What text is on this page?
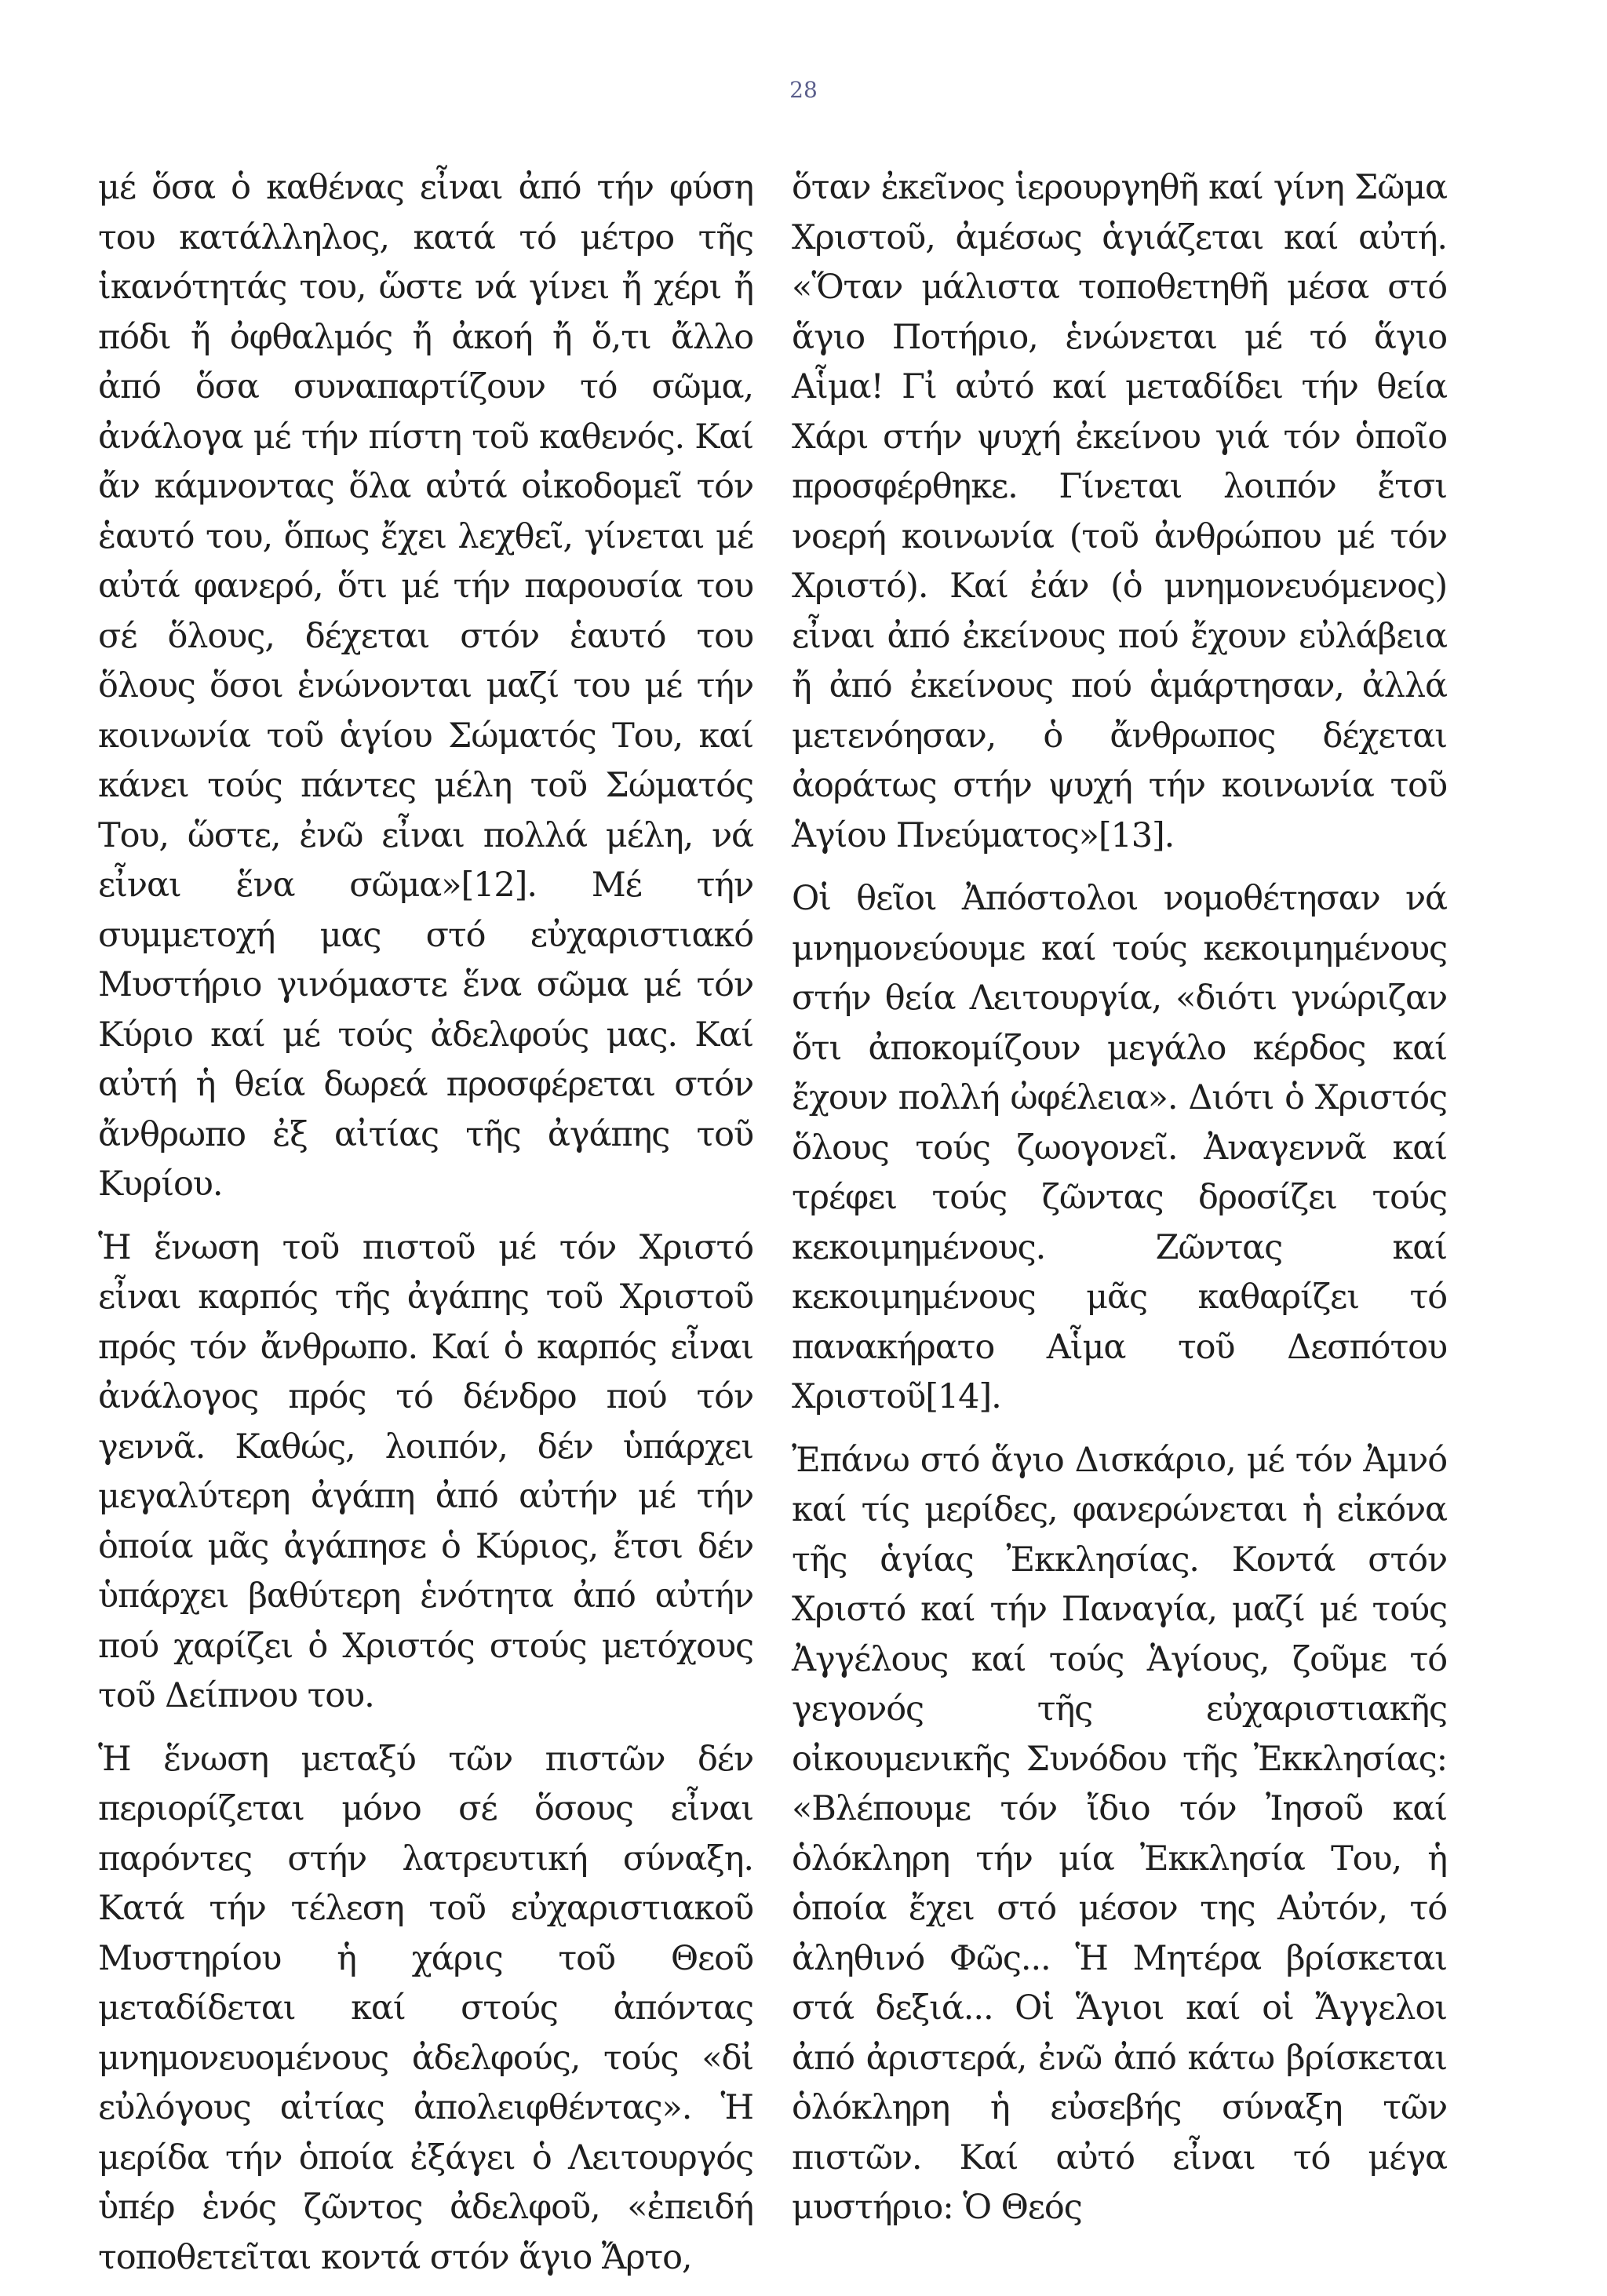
28

μέ ὅσα ὁ καθένας εἶναι ἀπό τήν φύση του κατάλληλος, κατά τό μέτρο τῆς ἱκανότητάς του, ὥστε νά γίνει ἤ χέρι ἤ πόδι ἤ ὀφθαλμός ἤ ἀκοή ἤ ὅ,τι ἄλλο ἀπό ὅσα συναπαρτίζουν τό σῶμα, ἀνάλογα μέ τήν πίστη τοῦ καθενός. Καί ἄν κάμνοντας ὅλα αὐτά οἰκοδομεῖ τόν ἑαυτό του, ὅπως ἔχει λεχθεῖ, γίνεται μέ αὐτά φανερό, ὅτι μέ τήν παρουσία του σέ ὅλους, δέχεται στόν ἑαυτό του ὅλους ὅσοι ἑνώνονται μαζί του μέ τήν κοινωνία τοῦ ἁγίου Σώματός Του, καί κάνει τούς πάντες μέλη τοῦ Σώματός Του, ὥστε, ἐνῶ εἶναι πολλά μέλη, νά εἶναι ἕνα σῶμα»[12]. Μέ τήν συμμετοχή μας στό εὐχαριστιακό Μυστήριο γινόμαστε ἕνα σῶμα μέ τόν Κύριο καί μέ τούς ἀδελφούς μας. Καί αὐτή ἡ θεία δωρεά προσφέρεται στόν ἄνθρωπο ἐξ αἰτίας τῆς ἀγάπης τοῦ Κυρίου.

Ἡ ἕνωση τοῦ πιστοῦ μέ τόν Χριστό εἶναι καρπός τῆς ἀγάπης τοῦ Χριστοῦ πρός τόν ἄνθρωπο. Καί ὁ καρπός εἶναι ἀνάλογος πρός τό δένδρο πού τόν γεννᾶ. Καθώς, λοιπόν, δέν ὑπάρχει μεγαλύτερη ἀγάπη ἀπό αὐτήν μέ τήν ὁποία μᾶς ἀγάπησε ὁ Κύριος, ἔτσι δέν ὑπάρχει βαθύτερη ἑνότητα ἀπό αὐτήν πού χαρίζει ὁ Χριστός στούς μετόχους τοῦ Δείπνου του.

Ἡ ἕνωση μεταξύ τῶν πιστῶν δέν περιορίζεται μόνο σέ ὅσους εἶναι παρόντες στήν λατρευτική σύναξη. Κατά τήν τέλεση τοῦ εὐχαριστιακοῦ Μυστηρίου ἡ χάρις τοῦ Θεοῦ μεταδίδεται καί στούς ἀπόντας μνημονευομένους ἀδελφούς, τούς «δἰ εὐλόγους αἰτίας ἀπολειφθέντας». Ἡ μερίδα τήν ὁποία ἐξάγει ὁ Λειτουργός ὑπέρ ἑνός ζῶντος ἀδελφοῦ, «ἐπειδή τοποθετεῖται κοντά στόν ἅγιο Ἄρτο,

ὅταν ἐκεῖνος ἱερουργηθῆ καί γίνη Σῶμα Χριστοῦ, ἀμέσως ἁγιάζεται καί αὐτή. «Ὅταν μάλιστα τοποθετηθῆ μέσα στό ἅγιο Ποτήριο, ἑνώνεται μέ τό ἅγιο Αἷμα! Γἰ αὐτό καί μεταδίδει τήν θεία Χάρι στήν ψυχή ἐκείνου γιά τόν ὁποῖο προσφέρθηκε. Γίνεται λοιπόν ἔτσι νοερή κοινωνία (τοῦ ἀνθρώπου μέ τόν Χριστό). Καί ἐάν (ὁ μνημονευόμενος) εἶναι ἀπό ἐκείνους πού ἔχουν εὐλάβεια ἤ ἀπό ἐκείνους πού ἁμάρτησαν, ἀλλά μετενόησαν, ὁ ἄνθρωπος δέχεται ἀοράτως στήν ψυχή τήν κοινωνία τοῦ Ἁγίου Πνεύματος»[13].

Οἱ θεῖοι Ἀπόστολοι νομοθέτησαν νά μνημονεύουμε καί τούς κεκοιμημένους στήν θεία Λειτουργία, «διότι γνώριζαν ὅτι ἀποκομίζουν μεγάλο κέρδος καί ἔχουν πολλή ὠφέλεια». Διότι ὁ Χριστός ὅλους τούς ζωογονεῖ. Ἀναγεννᾶ καί τρέφει τούς ζῶντας δροσίζει τούς κεκοιμημένους. Ζῶντας καί κεκοιμημένους μᾶς καθαρίζει τό πανακήρατο Αἷμα τοῦ Δεσπότου Χριστοῦ[14].

Ἐπάνω στό ἅγιο Δισκάριο, μέ τόν Ἀμνό καί τίς μερίδες, φανερώνεται ἡ εἰκόνα τῆς ἁγίας Ἐκκλησίας. Κοντά στόν Χριστό καί τήν Παναγία, μαζί μέ τούς Ἀγγέλους καί τούς Ἁγίους, ζοῦμε τό γεγονός τῆς εὐχαριστιακῆς οἰκουμενικῆς Συνόδου τῆς Ἐκκλησίας: «Βλέπουμε τόν ἴδιο τόν Ἰησοῦ καί ὁλόκληρη τήν μία Ἐκκλησία Του, ἡ ὁποία ἔχει στό μέσον της Αὐτόν, τό ἀληθινό Φῶς... Ἡ Μητέρα βρίσκεται στά δεξιά... Οἱ Ἅγιοι καί οἱ Ἄγγελοι ἀπό ἀριστερά, ἐνῶ ἀπό κάτω βρίσκεται ὁλόκληρη ἡ εὐσεβής σύναξη τῶν πιστῶν. Καί αὐτό εἶναι τό μέγα μυστήριο: Ὁ Θεός
